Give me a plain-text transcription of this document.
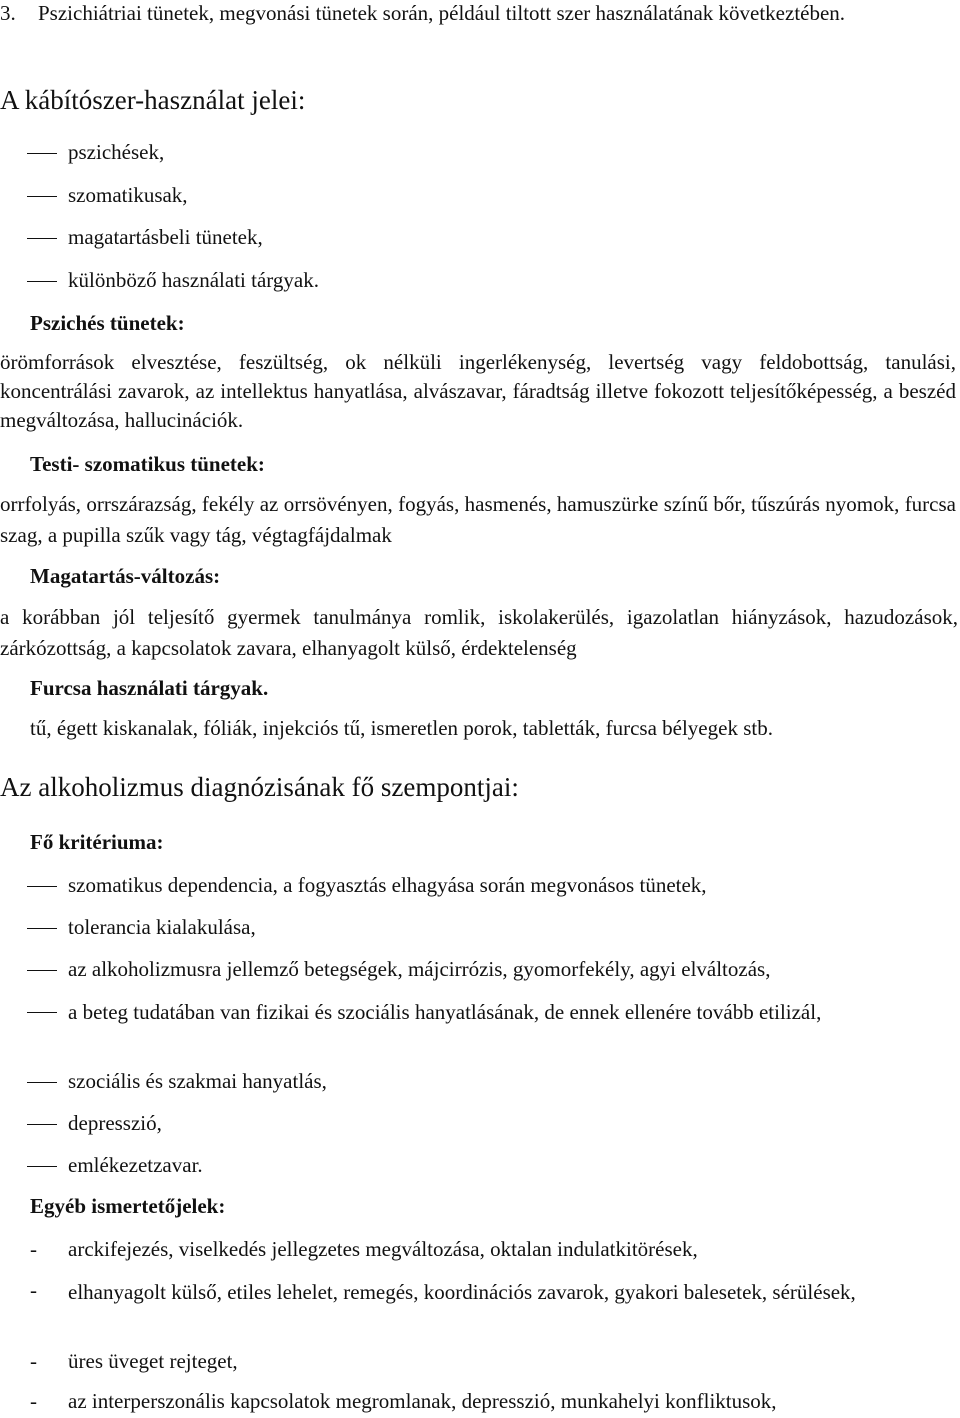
3.	Pszichiátriai tünetek, megvonási tünetek során, például tiltott szer használatának következtében.
A kábítószer-használat jelei:
pszichések,
szomatikusak,
magatartásbeli tünetek,
különböző használati tárgyak.
Pszichés tünetek:
örömforrások elvesztése, feszültség, ok nélküli ingerlékenység, levertség vagy feldobottság, tanulási, koncentrálási zavarok, az intellektus hanyatlása, alvászavar, fáradtság illetve fokozott teljesítőképesség, a beszéd megváltozása, hallucinációk.
Testi- szomatikus tünetek:
orrfolyás, orrszárazság, fekély az orrsövényen, fogyás, hasmenés, hamuszürke színű bőr, tűszúrás nyomok, furcsa szag, a pupilla szűk vagy tág, végtagfájdalmak
Magatartás-változás:
a korábban jól teljesítő gyermek tanulmánya romlik, iskolakerülés, igazolatlan hiányzások, hazudozások, zárkózottság, a kapcsolatok zavara, elhanyagolt külső, érdektelenség
Furcsa használati tárgyak.
tű, égett kiskanalak, fóliák, injekciós tű, ismeretlen porok, tabletták, furcsa bélyegek stb.
Az alkoholizmus diagnózisának fő szempontjai:
Fő kritériuma:
szomatikus dependencia, a fogyasztás elhagyása során megvonásos tünetek,
tolerancia kialakulása,
az alkoholizmusra jellemző betegségek, májcirrózis, gyomorfekély, agyi elváltozás,
a beteg tudatában van fizikai és szociális hanyatlásának, de ennek ellenére tovább etilizál,
szociális és szakmai hanyatlás,
depresszió,
emlékezetzavar.
Egyéb ismertetőjelek:
- arckifejezés, viselkedés jellegzetes megváltozása, oktalan indulatkitörések,
- elhanyagolt külső, etiles lehelet, remegés, koordinációs zavarok, gyakori balesetek, sérülések,
- üres üveget rejteget,
- az interperszonális kapcsolatok megromlanak, depresszió, munkahelyi konfliktusok,
